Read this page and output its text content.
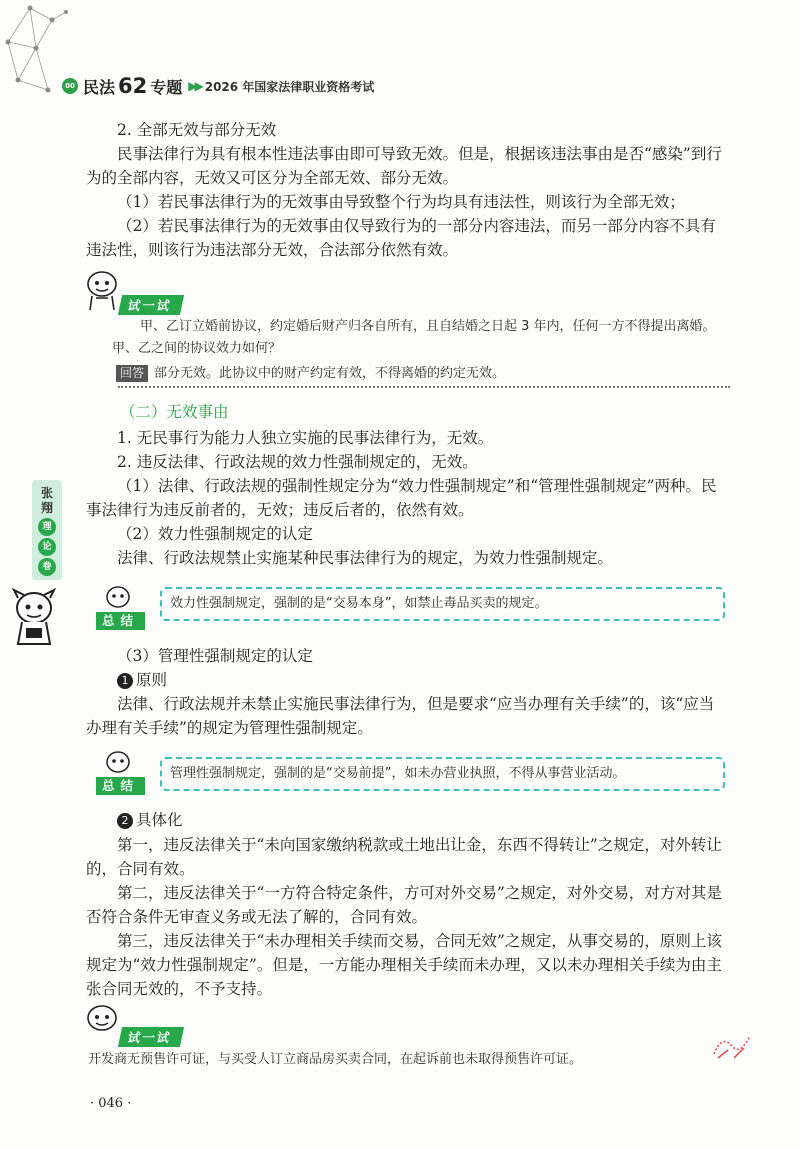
00 民法 62 专题 ▶▶ 2026 年国家法律职业资格考试
2. 全部无效与部分无效
民事法律行为具有根本性违法事由即可导致无效。但是，根据该违法事由是否“感染”到行为的全部内容，无效又可区分为全部无效、部分无效。
（1）若民事法律行为的无效事由导致整个行为均具有违法性，则该行为全部无效；
（2）若民事法律行为的无效事由仅导致行为的一部分内容违法，而另一部分内容不具有违法性，则该行为违法部分无效，合法部分依然有效。
试一试
甲、乙订立婚前协议，约定婚后财产归各自所有，且自结婚之日起 3 年内，任何一方不得提出离婚。甲、乙之间的协议效力如何？
回答 部分无效。此协议中的财产约定有效，不得离婚的约定无效。
（二）无效事由
1. 无民事行为能力人独立实施的民事法律行为，无效。
2. 违反法律、行政法规的效力性强制规定的，无效。
（1）法律、行政法规的强制性规定分为“效力性强制规定”和“管理性强制规定”两种。民事法律行为违反前者的，无效；违反后者的，依然有效。
（2）效力性强制规定的认定
法律、行政法规禁止实施某种民事法律行为的规定，为效力性强制规定。
张翔
理
论
卷
总结
效力性强制规定，强制的是“交易本身”，如禁止毒品买卖的规定。
（3）管理性强制规定的认定
1 原则
法律、行政法规并未禁止实施民事法律行为，但是要求“应当办理有关手续”的，该“应当办理有关手续”的规定为管理性强制规定。
总结
管理性强制规定，强制的是“交易前提”，如未办营业执照，不得从事营业活动。
2 具体化
第一，违反法律关于“未向国家缴纳税款或土地出让金，东西不得转让”之规定，对外转让的，合同有效。
第二，违反法律关于“一方符合特定条件，方可对外交易”之规定，对外交易，对方对其是否符合条件无审查义务或无法了解的，合同有效。
第三，违反法律关于“未办理相关手续而交易，合同无效”之规定，从事交易的，原则上该规定为“效力性强制规定”。但是，一方能办理相关手续而未办理，又以未办理相关手续为由主张合同无效的，不予支持。
试一试
开发商无预售许可证，与买受人订立商品房买卖合同，在起诉前也未取得预售许可证。
· 046 ·
